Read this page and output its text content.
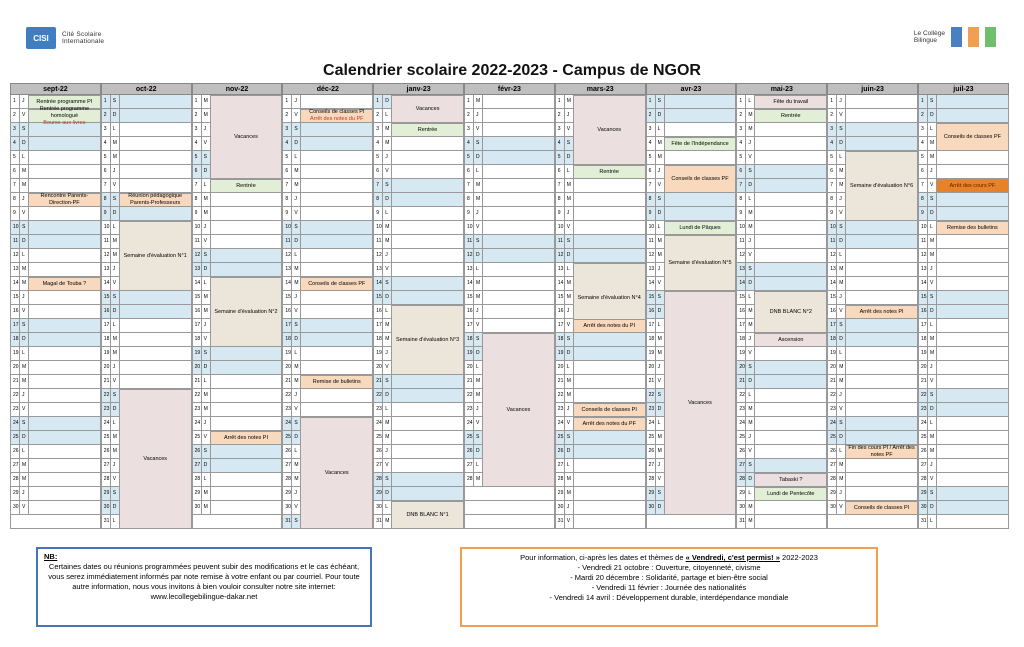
CISI	Cité Scolaire
Internationale
Le Collège
Bilingue
Calendrier scolaire 2022-2023 - Campus de NGOR
sept-22
1 J
2 V
3 S
4 D
5 L
6 M
7 M
8 J
9 V
10 S
11 D
12 L
13 M
14 M
15 J
16 V
17 S
18 D
19 L
20 M
21 M
22 J
23 V
24 S
25 D
26 L
27 M
28 M
29 J
30 V
oct-22
1 S
2 D
3 L
4 M
5 M
6 J
7 V
8 S
9 D
10 L
11 M
12 M
13 J
14 V
15 S
16 D
17 L
18 M
19 M
20 J
21 V
22 S
23 D
24 L
25 M
26 M
27 J
28 V
29 S
30 D
31 L
nov-22
1 M
2 M
3 J
4 V
5 S
6 D
7 L
8 M
9 M
10 J
11 V
12 S
13 D
14 L
15 M
16 M
17 J
18 V
19 S
20 D
21 L
22 M
23 M
24 J
25 V
26 S
27 D
28 L
29 M
30 M
déc-22
1 J
2 V
3 S
4 D
5 L
6 M
7 M
8 J
9 V
10 S
11 D
12 L
13 M
14 M
15 J
16 V
17 S
18 D
19 L
20 M
21 M
22 J
23 V
24 S
25 D
26 L
27 M
28 M
29 J
30 V
31 S
janv-23
1 D
2 L
3 M
4 M
5 J
6 V
7 S
8 D
9 L
10 M
11 M
12 J
13 V
14 S
15 D
16 L
17 M
18 M
19 J
20 V
21 S
22 D
23 L
24 M
25 M
26 J
27 V
28 S
29 D
30 L
31 M
févr-23
1 M
2 J
3 V
4 S
5 D
6 L
7 M
8 M
9 J
10 V
11 S
12 D
13 L
14 M
15 M
16 J
17 V
18 S
19 D
20 L
21 M
22 M
23 J
24 V
25 S
26 D
27 L
28 M
mars-23
1 M
2 J
3 V
4 S
5 D
6 L
7 M
8 M
9 J
10 V
11 S
12 D
13 L
14 M
15 M
16 J
17 V
18 S
19 D
20 L
21 M
22 M
23 J
24 V
25 S
26 D
27 L
28 M
29 M
30 J
31 V
avr-23
1 S
2 D
3 L
4 M
5 M
6 J
7 V
8 S
9 D
10 L
11 M
12 M
13 J
14 V
15 S
16 D
17 L
18 M
19 M
20 J
21 V
22 S
23 D
24 L
25 M
26 M
27 J
28 V
29 S
30 D
mai-23
1 L
2 M
3 M
4 J
5 V
6 S
7 D
8 L
9 M
10 M
11 J
12 V
13 S
14 D
15 L
16 M
17 M
18 J
19 V
20 S
21 D
22 L
23 M
24 M
25 J
26 V
27 S
28 D
29 L
30 M
31 M
juin-23
1 J
2 V
3 S
4 D
5 L
6 M
7 M
8 J
9 V
10 S
11 D
12 L
13 M
14 M
15 J
16 V
17 S
18 D
19 L
20 M
21 M
22 J
23 V
24 S
25 D
26 L
27 M
28 M
29 J
30 V
juil-23
1 S
2 D
3 L
4 M
5 M
6 J
7 V
8 S
9 D
10 L
11 M
12 M
13 J
14 V
15 S
16 D
17 L
18 M
19 M
20 J
21 V
22 S
23 D
24 L
25 M
26 M
27 J
28 V
29 S
30 D
31 L
Rentrée programme PI
Rentrée programme homologué
Bourse aux livres
Rencontre Parents-Direction-PF
Magal de Touba ?
Réunion pédagogique Parents-Professeurs
Semaine d'évaluation N°1
Vacances
Vacances
Rentrée
Semaine d'évaluation N°2
Arrêt des notes PI
Conseils de classes PI
Arrêt des notes du PF
Conseils de classes PF
Remise de bulletins
Vacances
Vacances
Rentrée
Semaine d'évaluation N°3
DNB BLANC N°1
Vacances
Vacances
Rentrée
Semaine d'évaluation N°4
Arrêt des notes du PI
Conseils de classes PI
Arrêt des notes du PF
Fête de l'Indépendance
Conseils de classes PF
Lundi de Pâques
Semaine d'évaluation N°5
Vacances
Fête du travail
Rentrée
DNB BLANC N°2
Ascension
Tabaski ?
Lundi de Pentecôte
Semaine d'évaluation N°6
Arrêt des notes PI
Fin des cours PI / Arrêt des notes PF
Conseils de classes PI
Conseils de classes PF
Arrêt des cours PF
Remise des bulletins
NB:
Certaines dates ou réunions programmées peuvent subir des modifications et le cas échéant, vous serez immédiatement informés par note remise à votre enfant ou par courriel. Pour toute autre information, nous vous invitons à bien vouloir consulter notre site internet: www.lecollegebilingue-dakar.net
Pour information, ci-après les dates et thèmes de « Vendredi, c'est permis! » 2022-2023
- Vendredi 21 octobre : Ouverture, citoyenneté, civisme
- Mardi 20 décembre : Solidarité, partage et bien-être social
- Vendredi 11 février : Journée des nationalités
- Vendredi 14 avril : Développement durable, interdépendance mondiale
